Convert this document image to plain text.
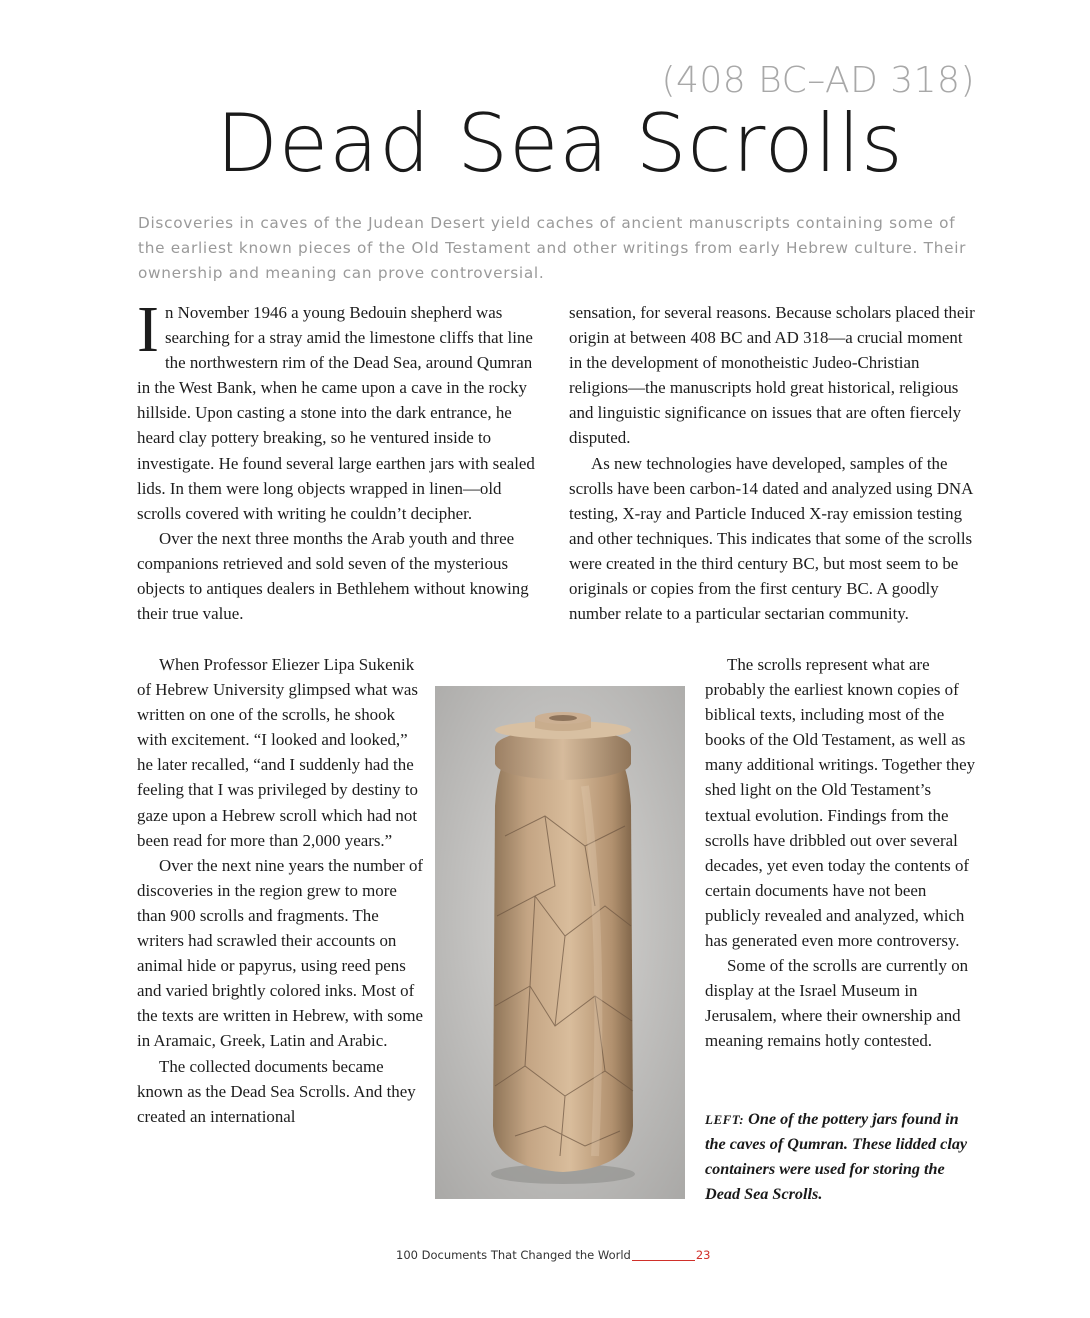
(408 BC–AD 318)
Dead Sea Scrolls
Discoveries in caves of the Judean Desert yield caches of ancient manuscripts containing some of the earliest known pieces of the Old Testament and other writings from early Hebrew culture. Their ownership and meaning can prove controversial.

In November 1946 a young Bedouin shepherd was searching for a stray amid the limestone cliffs that line the northwestern rim of the Dead Sea, around Qumran in the West Bank, when he came upon a cave in the rocky hillside. Upon casting a stone into the dark entrance, he heard clay pottery breaking, so he ventured inside to investigate. He found several large earthen jars with sealed lids. In them were long objects wrapped in linen—old scrolls covered with writing he couldn’t decipher.

Over the next three months the Arab youth and three companions retrieved and sold seven of the mysterious objects to antiques dealers in Bethlehem without knowing their true value.

When Professor Eliezer Lipa Sukenik of Hebrew University glimpsed what was written on one of the scrolls, he shook with excitement. “I looked and looked,” he later recalled, “and I suddenly had the feeling that I was privileged by destiny to gaze upon a Hebrew scroll which had not been read for more than 2,000 years.”

Over the next nine years the number of discoveries in the region grew to more than 900 scrolls and fragments. The writers had scrawled their accounts on animal hide or papyrus, using reed pens and varied brightly colored inks. Most of the texts are written in Hebrew, with some in Aramaic, Greek, Latin and Arabic.

The collected documents became known as the Dead Sea Scrolls. And they created an international

sensation, for several reasons. Because scholars placed their origin at between 408 BC and AD 318—a crucial moment in the development of monotheistic Judeo-Christian religions—the manuscripts hold great historical, religious and linguistic significance on issues that are often fiercely disputed.

As new technologies have developed, samples of the scrolls have been carbon-14 dated and analyzed using DNA testing, X-ray and Particle Induced X-ray emission testing and other techniques. This indicates that some of the scrolls were created in the third century BC, but most seem to be originals or copies from the first century BC. A goodly number relate to a particular sectarian community.

The scrolls represent what are probably the earliest known copies of biblical texts, including most of the books of the Old Testament, as well as many additional writings. Together they shed light on the Old Testament’s textual evolution. Findings from the scrolls have dribbled out over several decades, yet even today the contents of certain documents have not been publicly revealed and analyzed, which has generated even more controversy.

Some of the scrolls are currently on display at the Israel Museum in Jerusalem, where their ownership and meaning remains hotly contested.

LEFT: One of the pottery jars found in the caves of Qumran. These lidded clay containers were used for storing the Dead Sea Scrolls.
100 Documents That Changed the World	23
